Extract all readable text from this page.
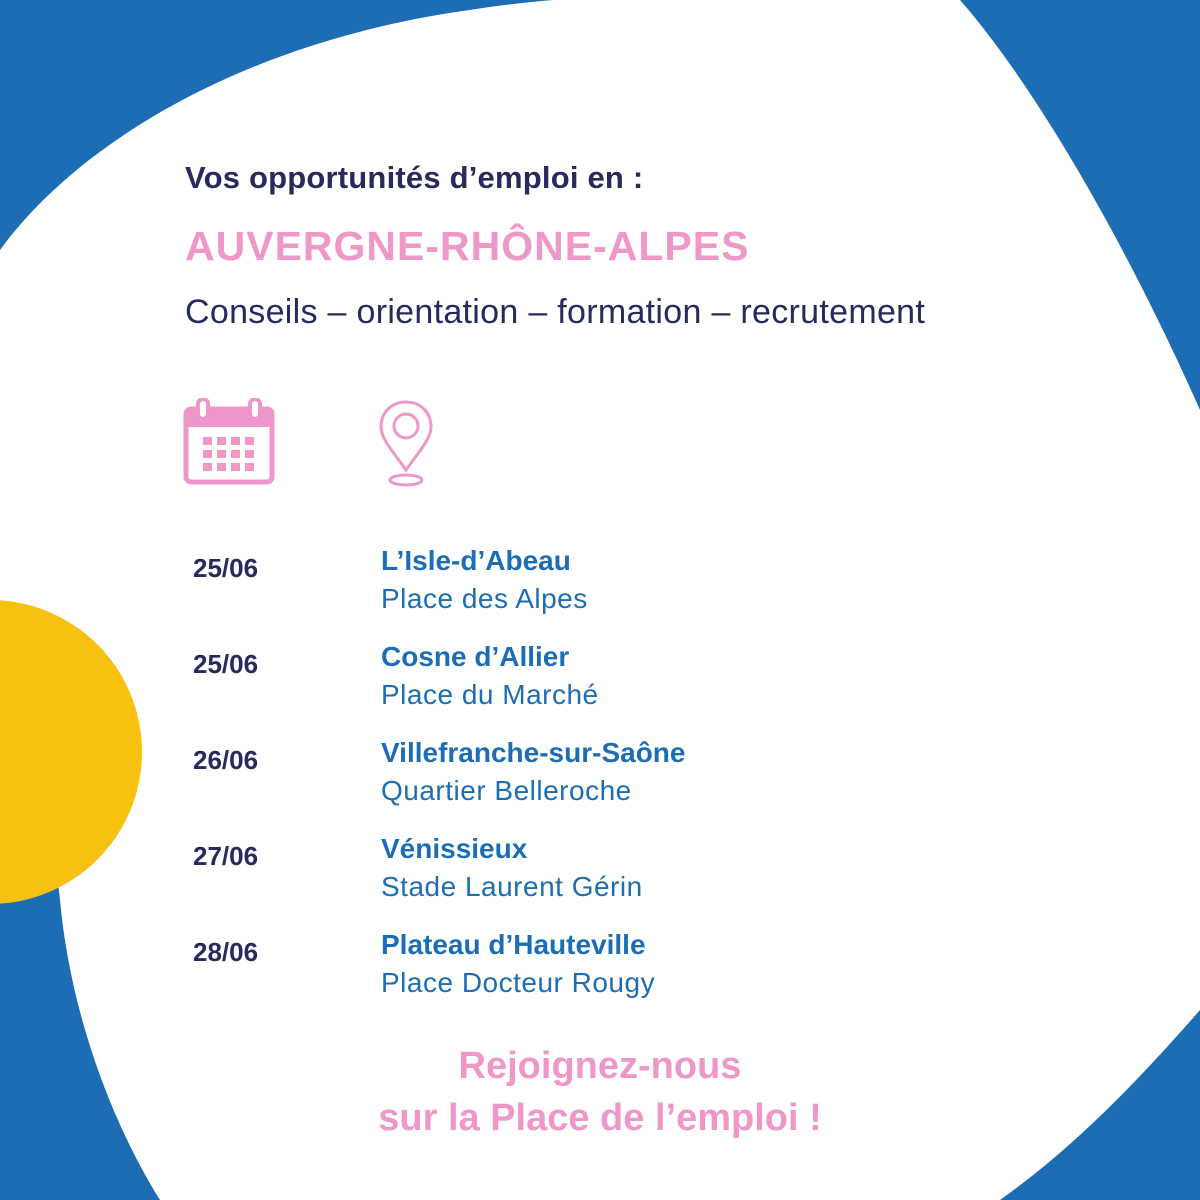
Vos opportunités d’emploi en :
AUVERGNE-RHÔNE-ALPES

Conseils – orientation – formation – recrutement

25/06	L’Isle-d’Abeau
Place des Alpes
25/06	Cosne d’Allier
Place du Marché
26/06	Villefranche-sur-Saône
Quartier Belleroche
27/06	Vénissieux
Stade Laurent Gérin
28/06	Plateau d’Hauteville
Place Docteur Rougy

Rejoignez-nous
sur la Place de l’emploi !
